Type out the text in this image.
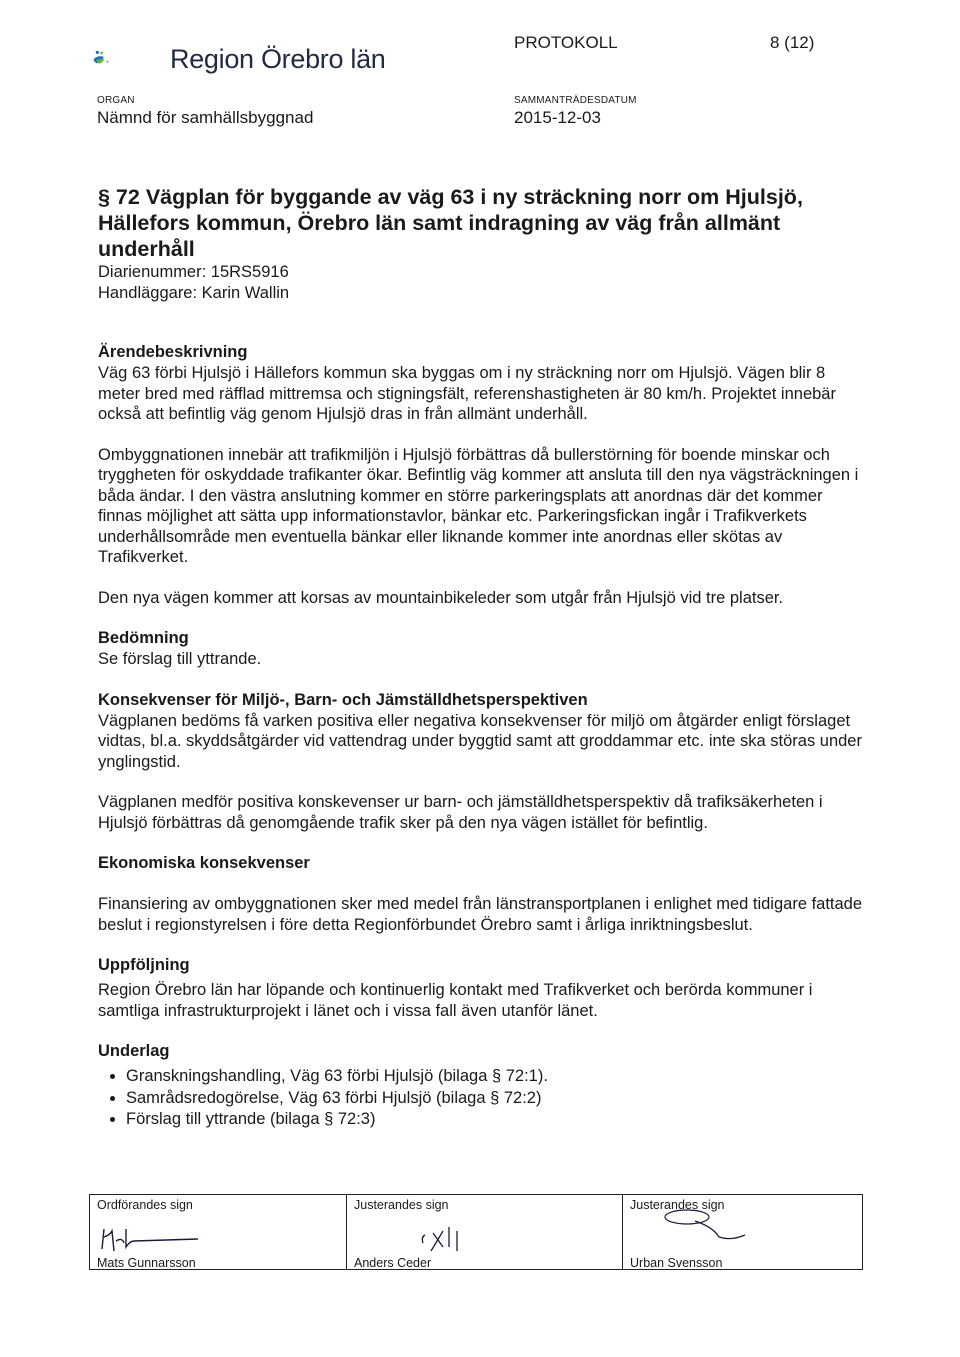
Region Örebro län
PROTOKOLL	8 (12)
ORGAN
Nämnd för samhällsbyggnad
SAMMANTRÄDESDATUM
2015-12-03
§ 72 Vägplan för byggande av väg 63 i ny sträckning norr om Hjulsjö, Hällefors kommun, Örebro län samt indragning av väg från allmänt underhåll

Diarienummer: 15RS5916

Handläggare: Karin Wallin

Ärendebeskrivning

Väg 63 förbi Hjulsjö i Hällefors kommun ska byggas om i ny sträckning norr om Hjulsjö. Vägen blir 8 meter bred med räfflad mittremsa och stigningsfält, referenshastigheten är 80 km/h. Projektet innebär också att befintlig väg genom Hjulsjö dras in från allmänt underhåll.

Ombyggnationen innebär att trafikmiljön i Hjulsjö förbättras då bullerstörning för boende minskar och tryggheten för oskyddade trafikanter ökar. Befintlig väg kommer att ansluta till den nya vägsträckningen i båda ändar. I den västra anslutning kommer en större parkeringsplats att anordnas där det kommer finnas möjlighet att sätta upp informationstavlor, bänkar etc. Parkeringsfickan ingår i Trafikverkets underhållsområde men eventuella bänkar eller liknande kommer inte anordnas eller skötas av Trafikverket.

Den nya vägen kommer att korsas av mountainbikeleder som utgår från Hjulsjö vid tre platser.

Bedömning

Se förslag till yttrande.

Konsekvenser för Miljö-, Barn- och Jämställdhetsperspektiven

Vägplanen bedöms få varken positiva eller negativa konsekvenser för miljö om åtgärder enligt förslaget vidtas, bl.a. skyddsåtgärder vid vattendrag under byggtid samt att groddammar etc. inte ska störas under ynglingstid.

Vägplanen medför positiva konskevenser ur barn- och jämställdhetsperspektiv då trafiksäkerheten i Hjulsjö förbättras då genomgående trafik sker på den nya vägen istället för befintlig.

Ekonomiska konsekvenser

Finansiering av ombyggnationen sker med medel från länstransportplanen i enlighet med tidigare fattade beslut i regionstyrelsen i före detta Regionförbundet Örebro samt i årliga inriktningsbeslut.

Uppföljning

Region Örebro län har löpande och kontinuerlig kontakt med Trafikverket och berörda kommuner i samtliga infrastrukturprojekt i länet och i vissa fall även utanför länet.

Underlag
• Granskningshandling, Väg 63 förbi Hjulsjö (bilaga § 72:1).
• Samrådsredogörelse, Väg 63 förbi Hjulsjö (bilaga § 72:2)
• Förslag till yttrande (bilaga § 72:3)
Ordförandes sign
Mats Gunnarsson
Justerandes sign
Anders Ceder
Justerandes sign
Urban Svensson
